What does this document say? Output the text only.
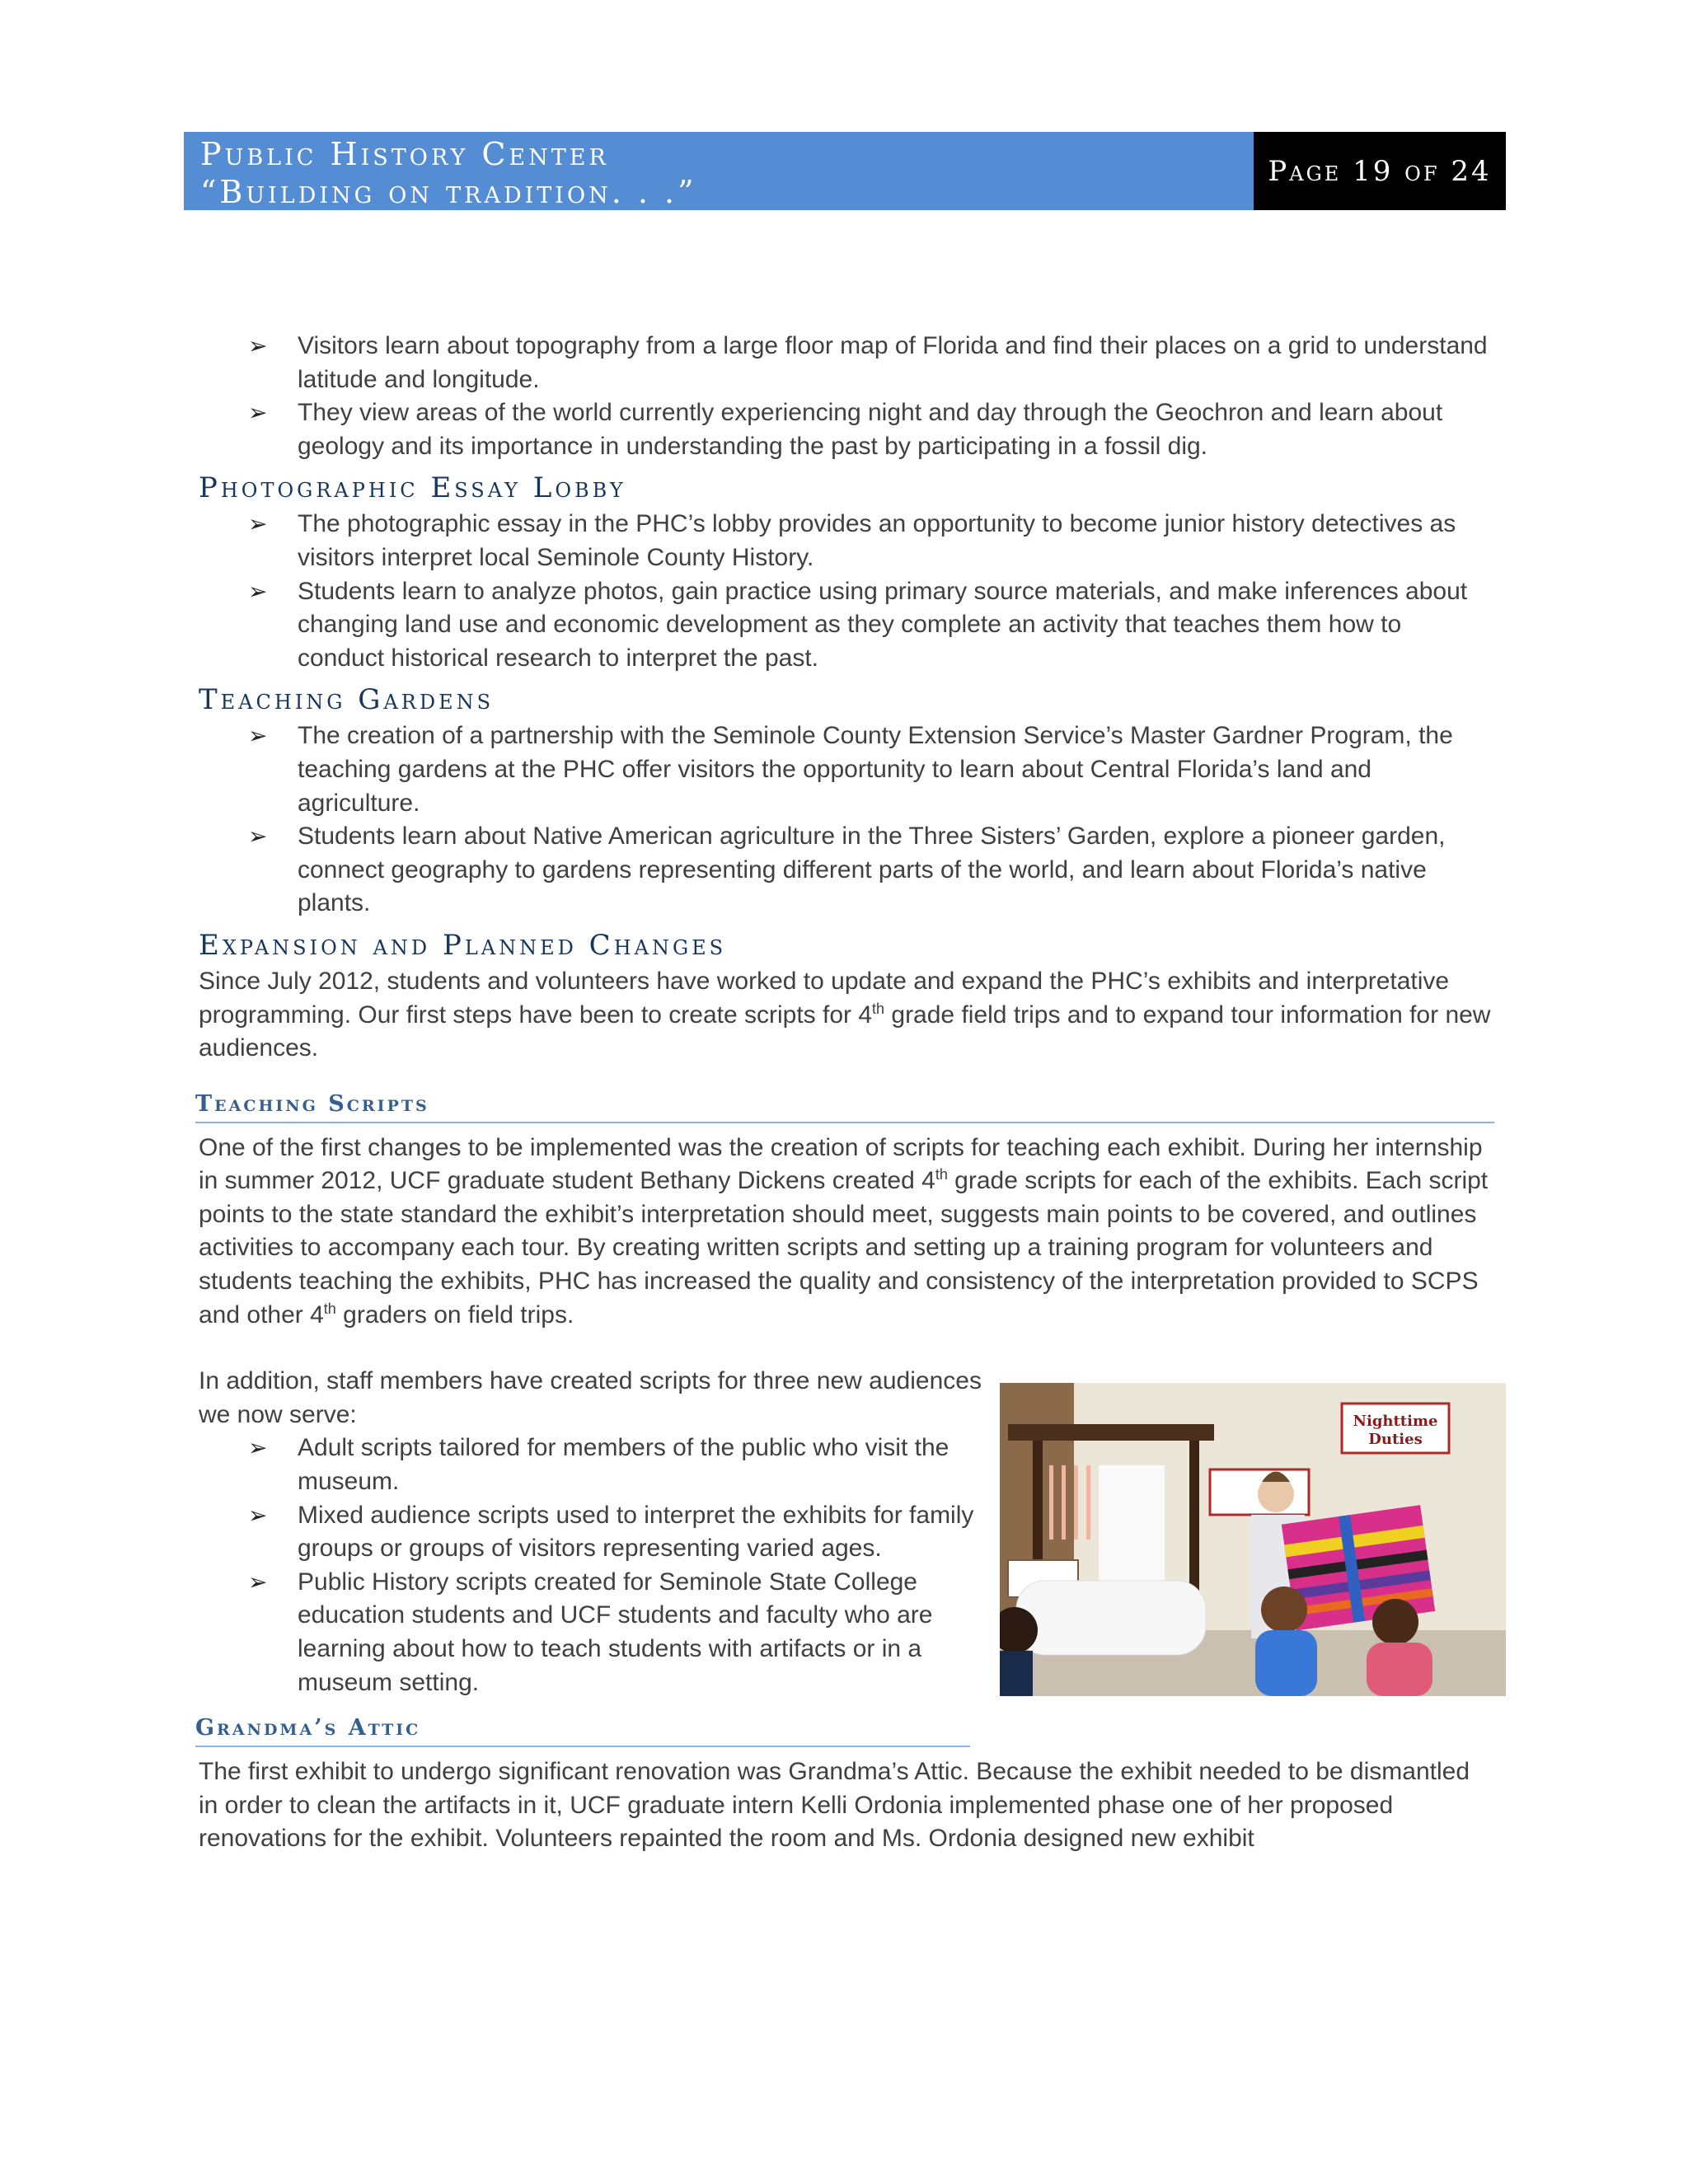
Public History Center
“Building on tradition. . .”
Page 19 of 24
➢ Visitors learn about topography from a large floor map of Florida and find their places on a grid to understand latitude and longitude.
➢ They view areas of the world currently experiencing night and day through the Geochron and learn about geology and its importance in understanding the past by participating in a fossil dig.
Photographic Essay Lobby
➢ The photographic essay in the PHC’s lobby provides an opportunity to become junior history detectives as visitors interpret local Seminole County History.
➢ Students learn to analyze photos, gain practice using primary source materials, and make inferences about changing land use and economic development as they complete an activity that teaches them how to conduct historical research to interpret the past.
Teaching Gardens
➢ The creation of a partnership with the Seminole County Extension Service’s Master Gardner Program, the teaching gardens at the PHC offer visitors the opportunity to learn about Central Florida’s land and agriculture.
➢ Students learn about Native American agriculture in the Three Sisters’ Garden, explore a pioneer garden, connect geography to gardens representing different parts of the world, and learn about Florida’s native plants.
Expansion and Planned Changes

Since July 2012, students and volunteers have worked to update and expand the PHC’s exhibits and interpretative programming. Our first steps have been to create scripts for 4th grade field trips and to expand tour information for new audiences.

Teaching Scripts

One of the first changes to be implemented was the creation of scripts for teaching each exhibit. During her internship in summer 2012, UCF graduate student Bethany Dickens created 4th grade scripts for each of the exhibits. Each script points to the state standard the exhibit’s interpretation should meet, suggests main points to be covered, and outlines activities to accompany each tour. By creating written scripts and setting up a training program for volunteers and students teaching the exhibits, PHC has increased the quality and consistency of the interpretation provided to SCPS and other 4th graders on field trips.

In addition, staff members have created scripts for three new audiences we now serve:

➢ Adult scripts tailored for members of the public who visit the museum.
➢ Mixed audience scripts used to interpret the exhibits for family groups or groups of visitors representing varied ages.
➢ Public History scripts created for Seminole State College education students and UCF students and faculty who are learning about how to teach students with artifacts or in a museum setting.
Nighttime
Duties
Grandma’s Attic

The first exhibit to undergo significant renovation was Grandma’s Attic. Because the exhibit needed to be dismantled in order to clean the artifacts in it, UCF graduate intern Kelli Ordonia implemented phase one of her proposed renovations for the exhibit. Volunteers repainted the room and Ms. Ordonia designed new exhibit
